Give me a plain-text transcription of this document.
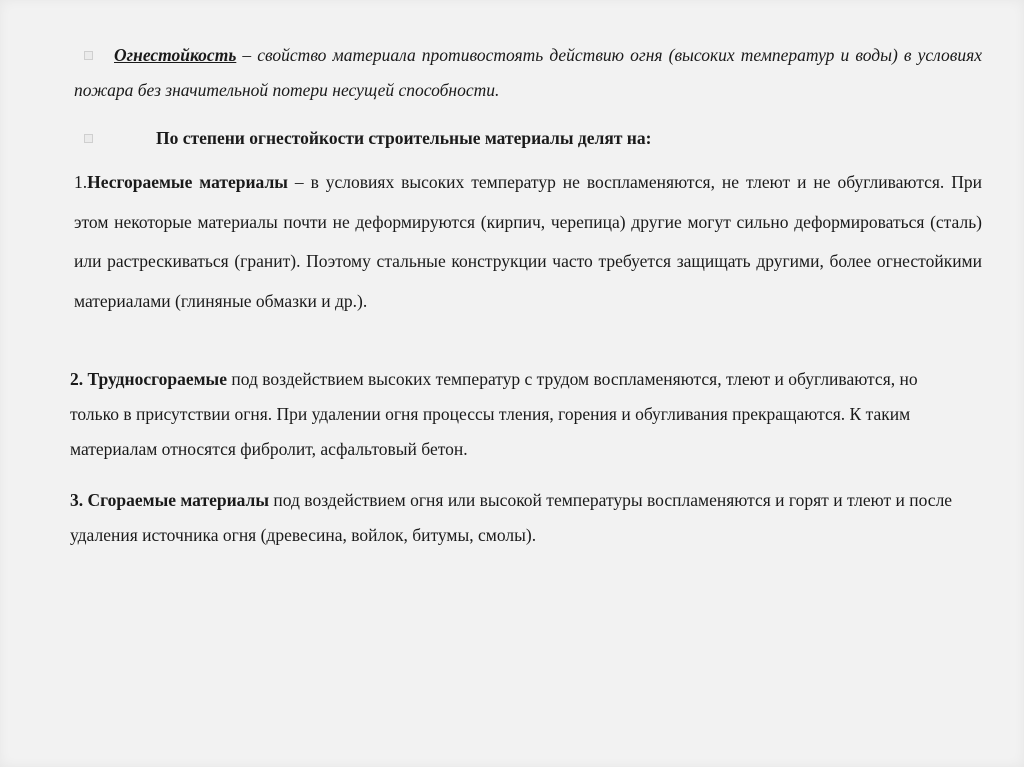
Огнестойкость – свойство материала противостоять действию огня (высоких температур и воды) в условиях пожара без значительной потери несущей способности.

По степени огнестойкости строительные материалы делят на:

1.Несгораемые материалы – в условиях высоких температур не воспламеняются, не тлеют и не обугливаются. При этом некоторые материалы почти не деформируются (кирпич, черепица) другие могут сильно деформироваться (сталь) или растрескиваться (гранит). Поэтому стальные конструкции часто требуется защищать другими, более огнестойкими материалами (глиняные обмазки и др.).

2. Трудносгораемые под воздействием высоких температур с трудом воспламеняются, тлеют и обугливаются, но только в присутствии огня. При удалении огня процессы тления, горения и обугливания прекращаются. К таким материалам относятся фибролит, асфальтовый бетон.

3. Сгораемые материалы под воздействием огня или высокой температуры воспламеняются и горят и тлеют и после удаления источника огня (древесина, войлок, битумы, смолы).
